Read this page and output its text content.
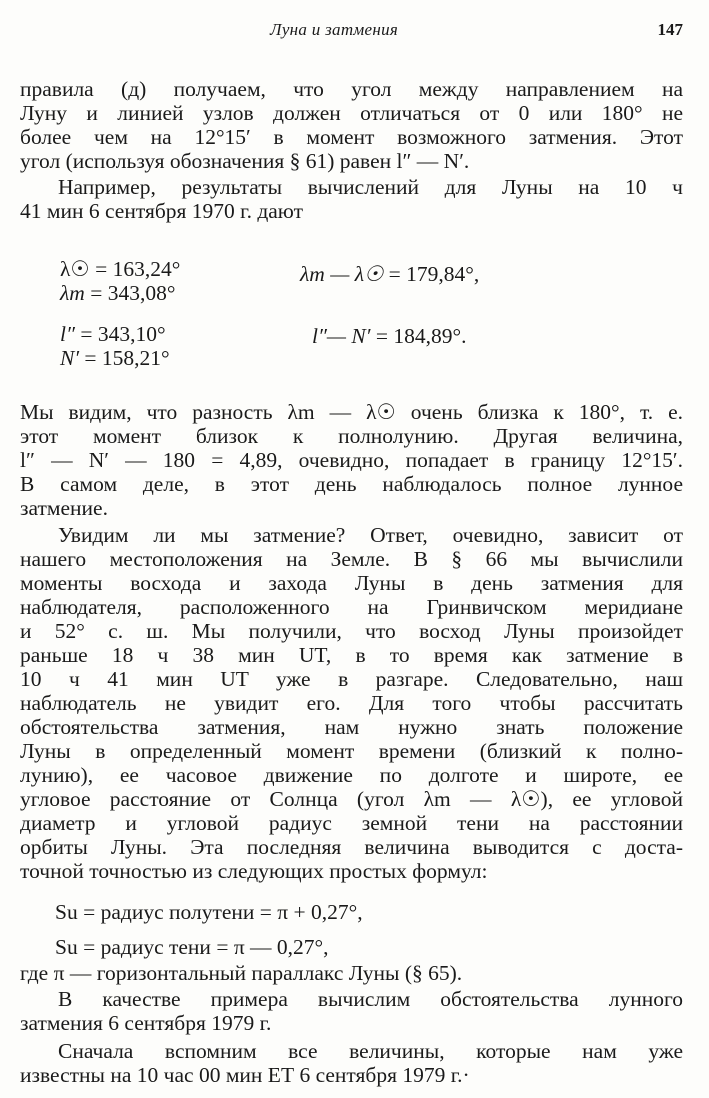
Луна и затмения	147
правила (д) получаем, что угол между направлением на
Луну и линией узлов должен отличаться от 0 или 180° не
более чем на 12°15′ в момент возможного затмения. Этот
угол (используя обозначения § 61) равен l″ — N′.
Например, результаты вычислений для Луны на 10 ч
41 мин 6 сентября 1970 г. дают
λ☉ = 163,24°
λm = 343,08°
λm — λ☉ = 179,84°,
l″ = 343,10°
N′ = 158,21°
l″— N′ = 184,89°.
Мы видим, что разность λm — λ☉ очень близка к 180°, т. е.
этот момент близок к полнолунию. Другая величина,
l″ — N′ — 180 = 4,89, очевидно, попадает в границу 12°15′.
В самом деле, в этот день наблюдалось полное лунное
затмение.
Увидим ли мы затмение? Ответ, очевидно, зависит от
нашего местоположения на Земле. В § 66 мы вычислили
моменты восхода и захода Луны в день затмения для
наблюдателя, расположенного на Гринвичском меридиане
и 52° с. ш. Мы получили, что восход Луны произойдет
раньше 18 ч 38 мин UT, в то время как затмение в
10 ч 41 мин UT уже в разгаре. Следовательно, наш
наблюдатель не увидит его. Для того чтобы рассчитать
обстоятельства затмения, нам нужно знать положение
Луны в определенный момент времени (близкий к полно-
лунию), ее часовое движение по долготе и широте, ее
угловое расстояние от Солнца (угол λm — λ☉), ее угловой
диаметр и угловой радиус земной тени на расстоянии
орбиты Луны. Эта последняя величина выводится с доста-
точной точностью из следующих простых формул:
Su = радиус полутени = π + 0,27°,
Su = радиус тени = π — 0,27°,
где π — горизонтальный параллакс Луны (§ 65).
В качестве примера вычислим обстоятельства лунного
затмения 6 сентября 1979 г.
Сначала вспомним все величины, которые нам уже
известны на 10 час 00 мин ЕТ 6 сентября 1979 г.·
